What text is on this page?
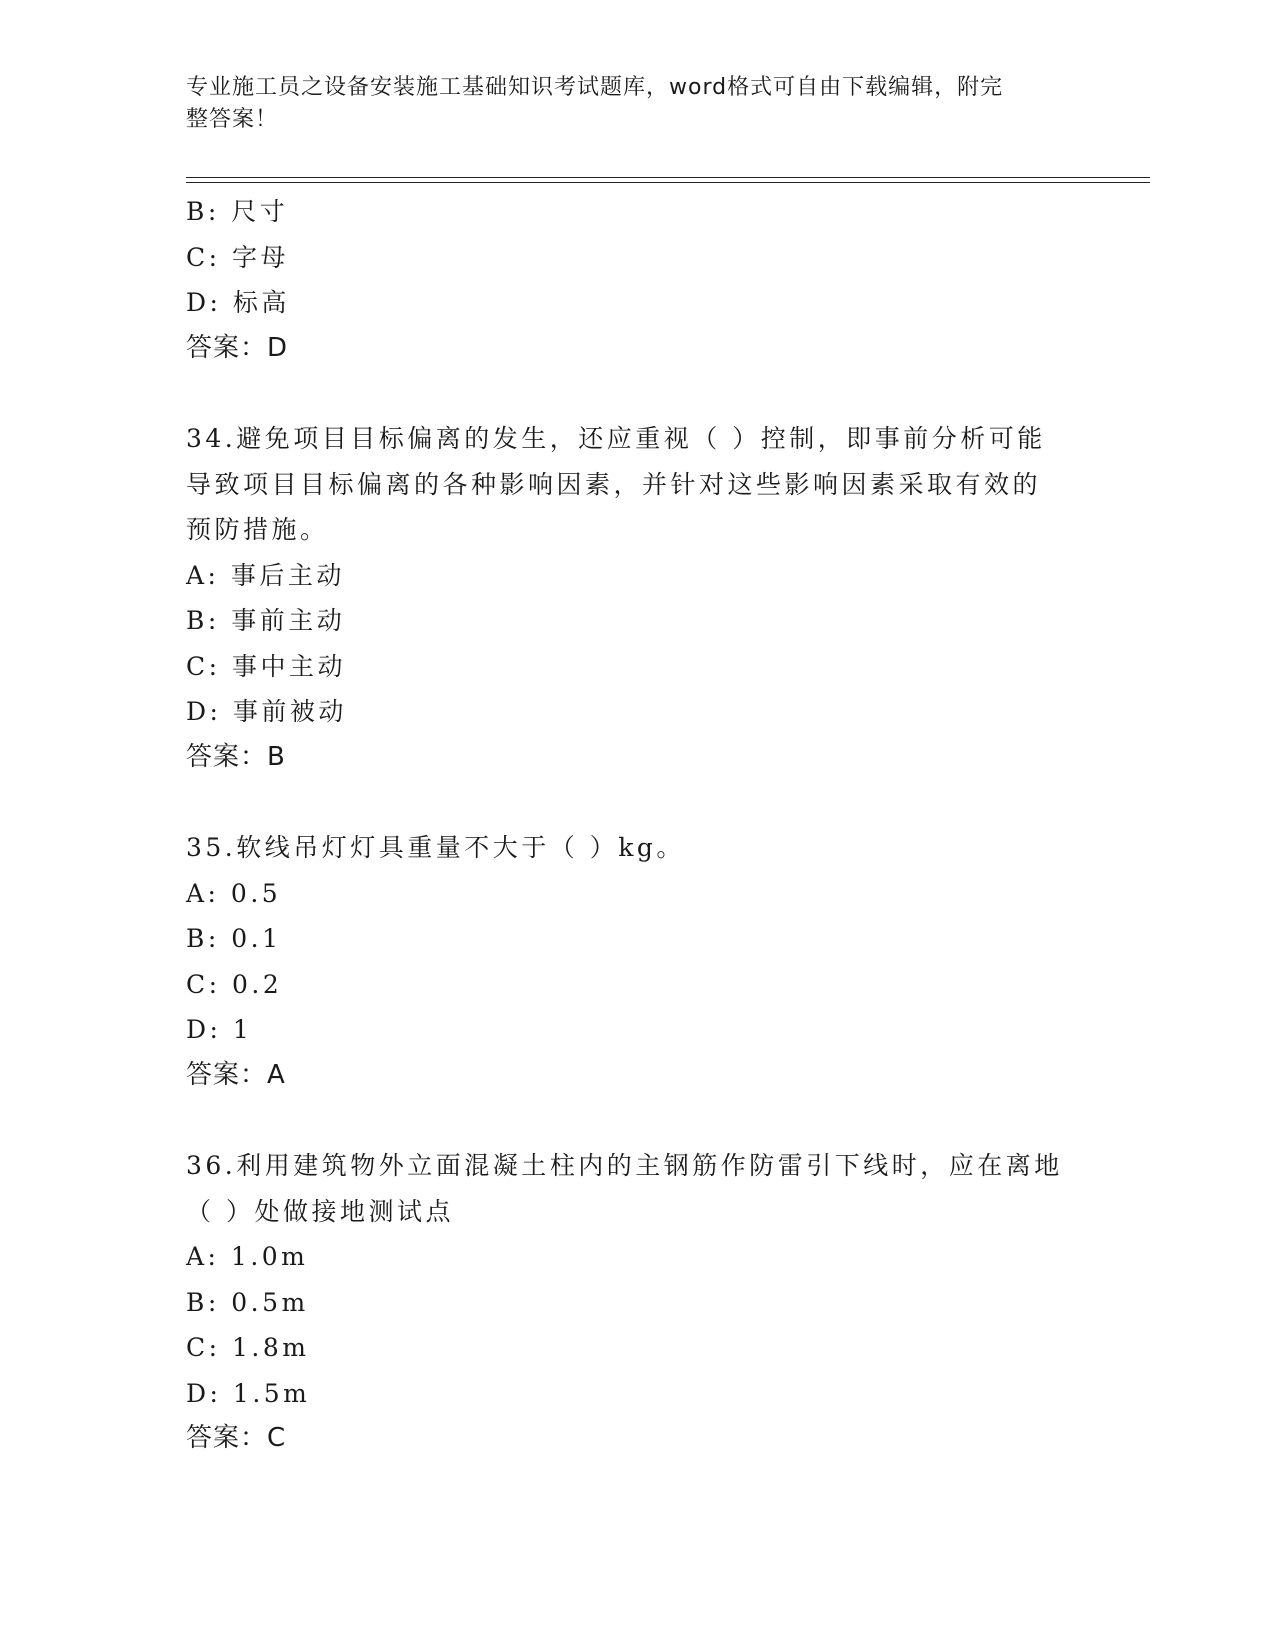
专业施工员之设备安装施工基础知识考试题库，word格式可自由下载编辑，附完
整答案！
B: 尺寸
C: 字母
D: 标高
答案：D
34.避免项目目标偏离的发生，还应重视（ ）控制，即事前分析可能
导致项目目标偏离的各种影响因素，并针对这些影响因素采取有效的
预防措施。
A: 事后主动
B: 事前主动
C: 事中主动
D: 事前被动
答案：B
35.软线吊灯灯具重量不大于（ ）kg。
A: 0.5
B: 0.1
C: 0.2
D: 1
答案：A
36.利用建筑物外立面混凝土柱内的主钢筋作防雷引下线时，应在离地
（ ）处做接地测试点
A: 1.0m
B: 0.5m
C: 1.8m
D: 1.5m
答案：C
